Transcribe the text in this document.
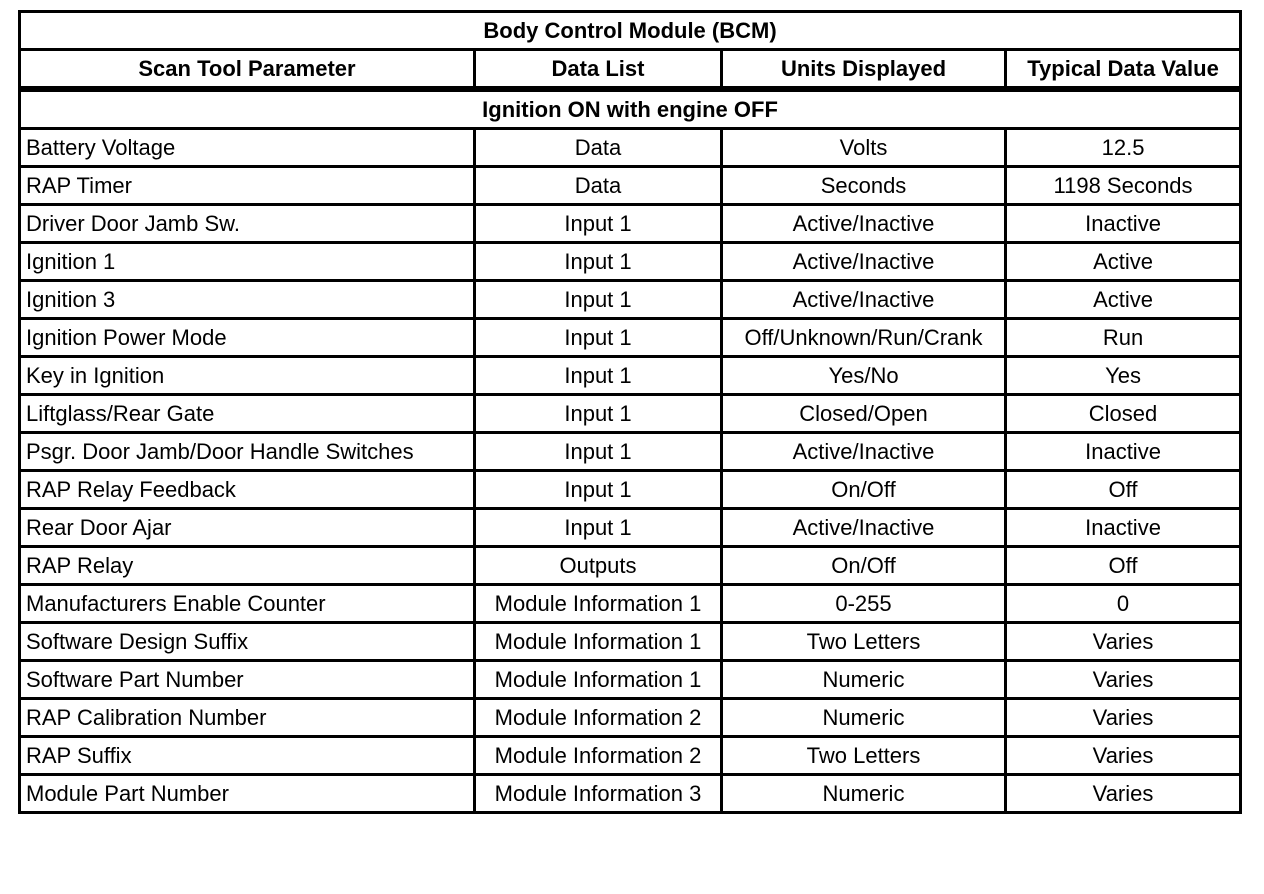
Body Control Module (BCM)			
Scan Tool Parameter	Data List	Units Displayed	Typical Data Value
Ignition ON with engine OFF			
Battery Voltage	Data	Volts	12.5
RAP Timer	Data	Seconds	1198 Seconds
Driver Door Jamb Sw.	Input 1	Active/Inactive	Inactive
Ignition 1	Input 1	Active/Inactive	Active
Ignition 3	Input 1	Active/Inactive	Active
Ignition Power Mode	Input 1	Off/Unknown/Run/Crank	Run
Key in Ignition	Input 1	Yes/No	Yes
Liftglass/Rear Gate	Input 1	Closed/Open	Closed
Psgr. Door Jamb/Door Handle Switches	Input 1	Active/Inactive	Inactive
RAP Relay Feedback	Input 1	On/Off	Off
Rear Door Ajar	Input 1	Active/Inactive	Inactive
RAP Relay	Outputs	On/Off	Off
Manufacturers Enable Counter	Module Information 1	0-255	0
Software Design Suffix	Module Information 1	Two Letters	Varies
Software Part Number	Module Information 1	Numeric	Varies
RAP Calibration Number	Module Information 2	Numeric	Varies
RAP Suffix	Module Information 2	Two Letters	Varies
Module Part Number	Module Information 3	Numeric	Varies
